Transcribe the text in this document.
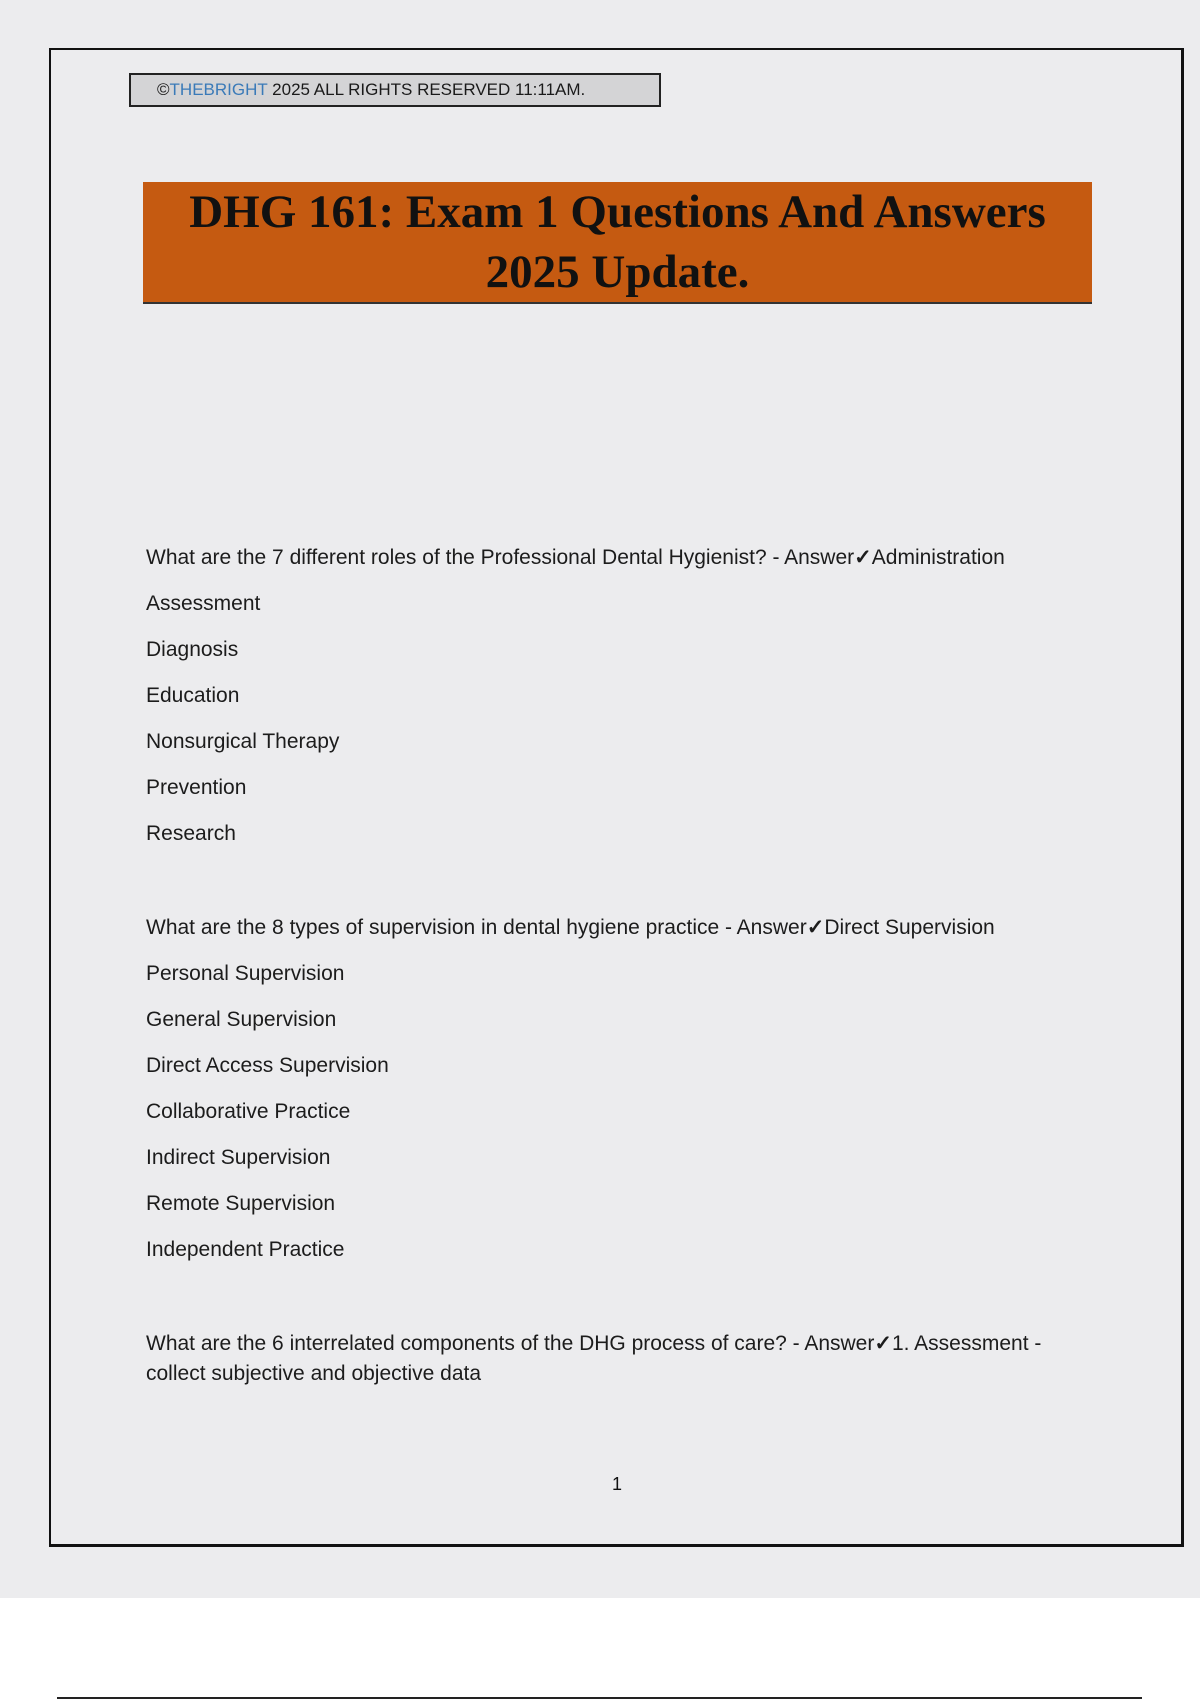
©THEBRIGHT 2025 ALL RIGHTS RESERVED 11:11AM.
DHG 161: Exam 1 Questions And Answers
2025 Update.

What are the 7 different roles of the Professional Dental Hygienist? - Answer✓Administration

Assessment

Diagnosis

Education

Nonsurgical Therapy

Prevention

Research

What are the 8 types of supervision in dental hygiene practice - Answer✓Direct Supervision

Personal Supervision

General Supervision

Direct Access Supervision

Collaborative Practice

Indirect Supervision

Remote Supervision

Independent Practice

What are the 6 interrelated components of the DHG process of care? - Answer✓1. Assessment - collect subjective and objective data

1
